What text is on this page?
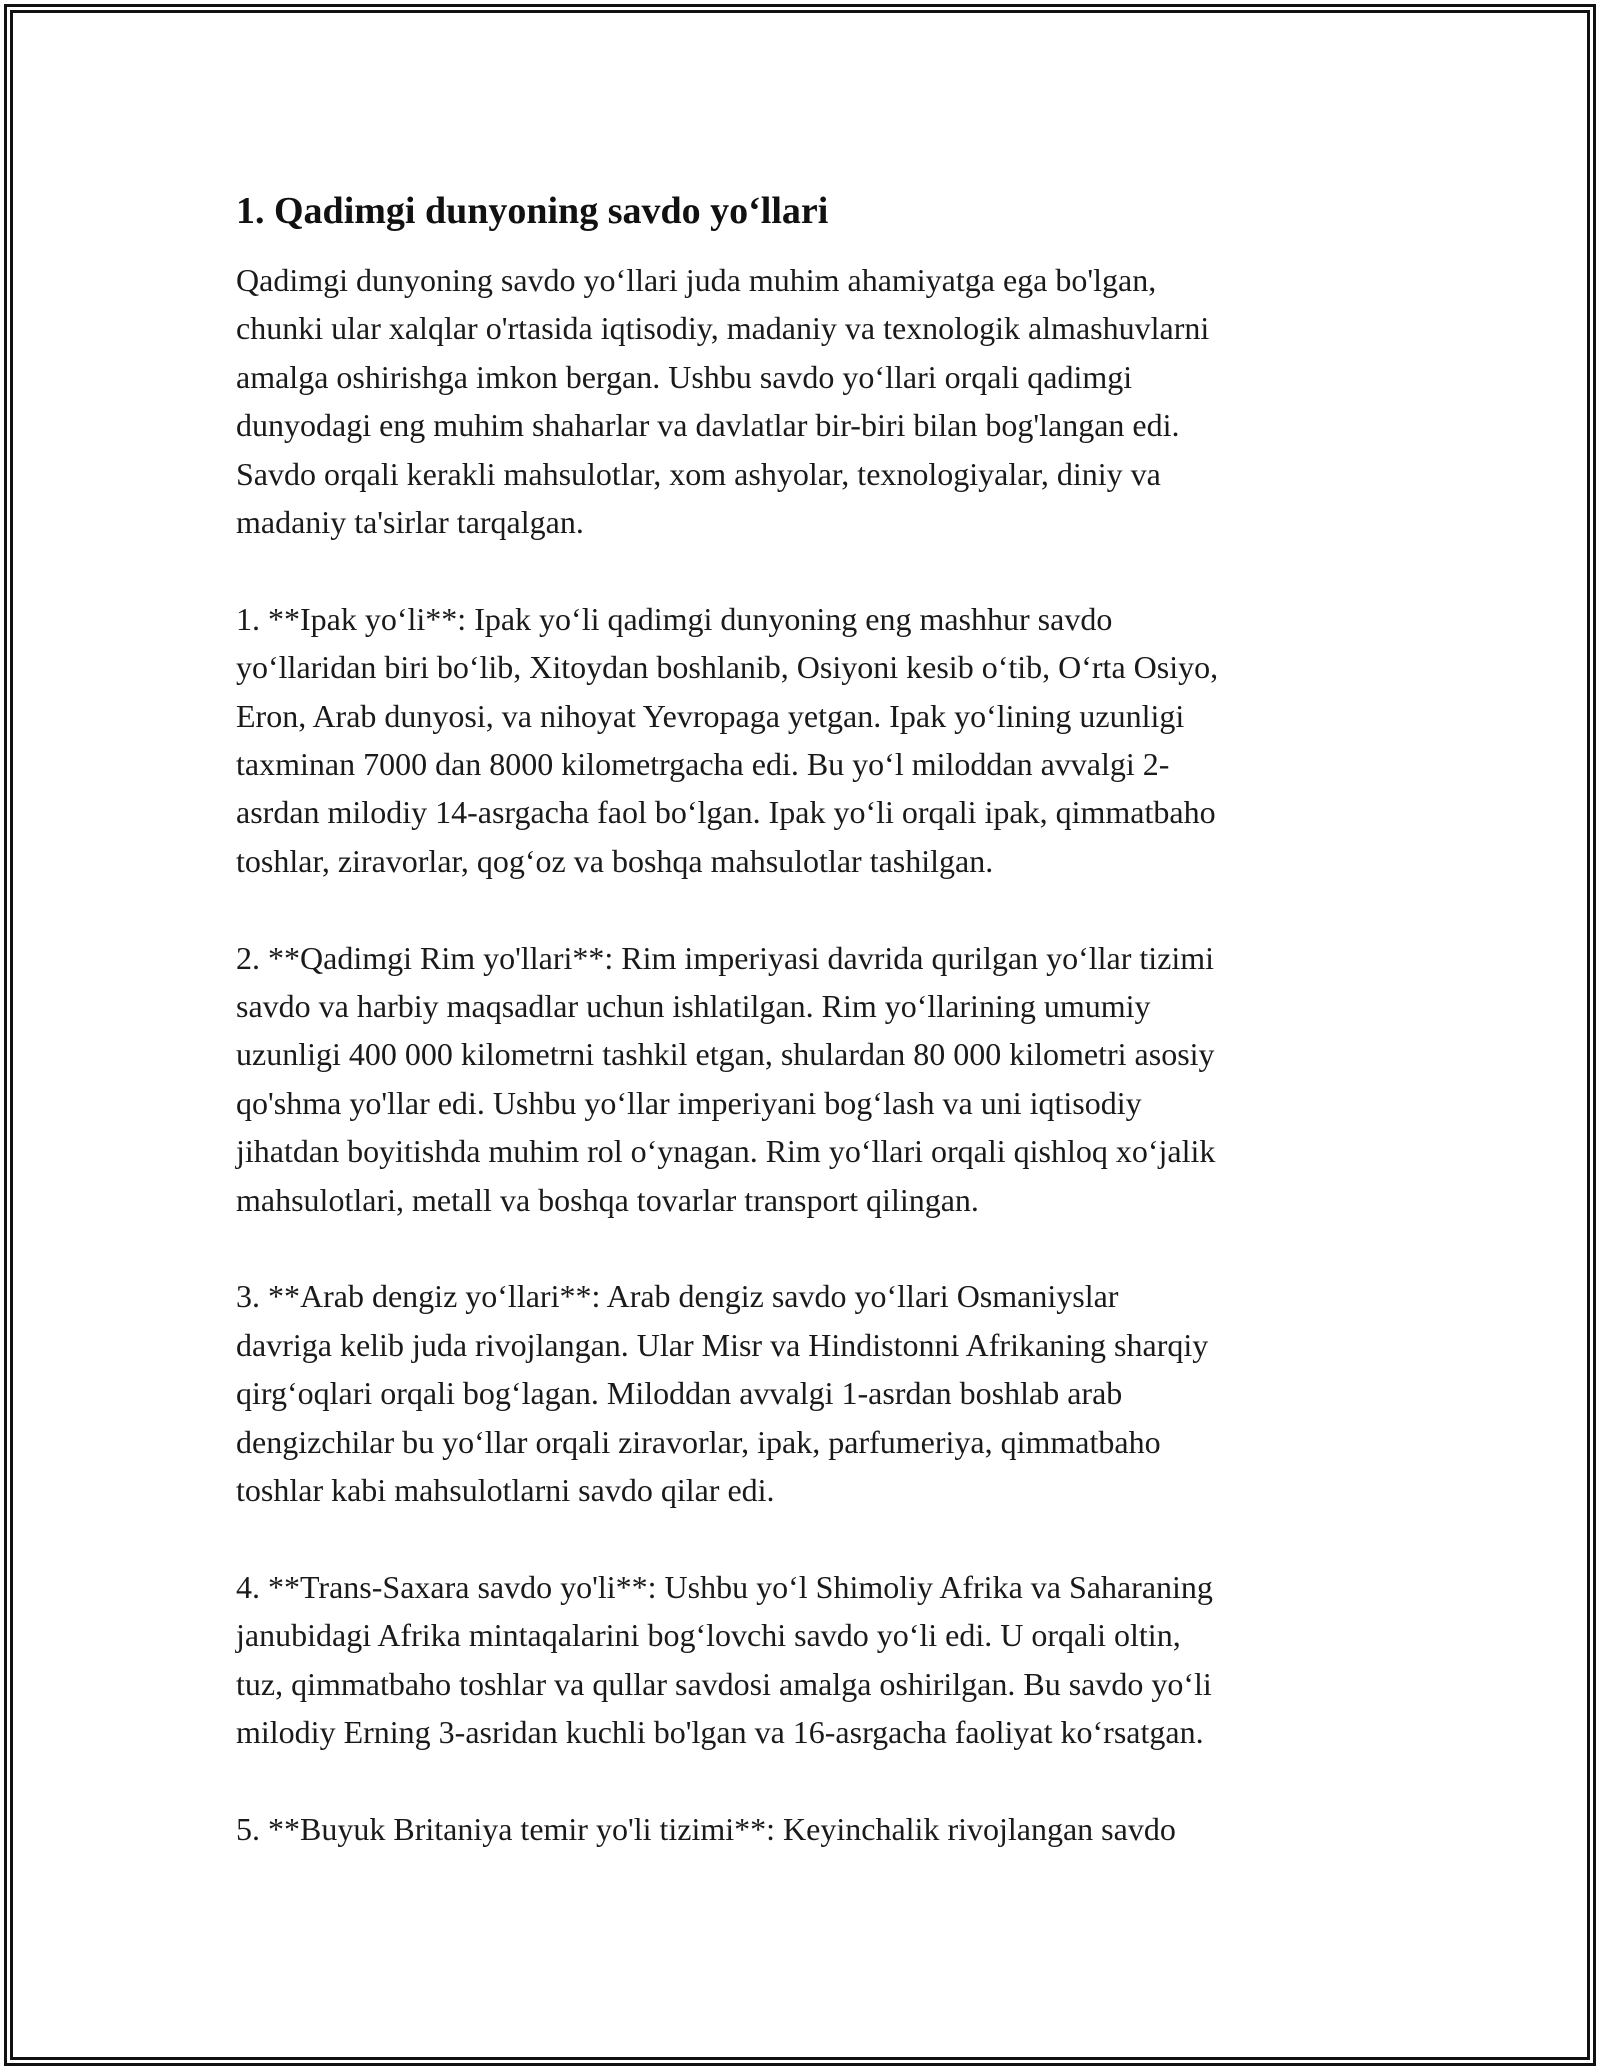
1. Qadimgi dunyoning savdo yo‘llari

Qadimgi dunyoning savdo yo‘llari juda muhim ahamiyatga ega bo'lgan,
chunki ular xalqlar o'rtasida iqtisodiy, madaniy va texnologik almashuvlarni
amalga oshirishga imkon bergan. Ushbu savdo yo‘llari orqali qadimgi
dunyodagi eng muhim shaharlar va davlatlar bir-biri bilan bog'langan edi.
Savdo orqali kerakli mahsulotlar, xom ashyolar, texnologiyalar, diniy va
madaniy ta'sirlar tarqalgan.

1. **Ipak yo‘li**: Ipak yo‘li qadimgi dunyoning eng mashhur savdo
yo‘llaridan biri bo‘lib, Xitoydan boshlanib, Osiyoni kesib o‘tib, O‘rta Osiyo,
Eron, Arab dunyosi, va nihoyat Yevropaga yetgan. Ipak yo‘lining uzunligi
taxminan 7000 dan 8000 kilometrgacha edi. Bu yo‘l miloddan avvalgi 2-
asrdan milodiy 14-asrgacha faol bo‘lgan. Ipak yo‘li orqali ipak, qimmatbaho
toshlar, ziravorlar, qog‘oz va boshqa mahsulotlar tashilgan.

2. **Qadimgi Rim yo'llari**: Rim imperiyasi davrida qurilgan yo‘llar tizimi
savdo va harbiy maqsadlar uchun ishlatilgan. Rim yo‘llarining umumiy
uzunligi 400 000 kilometrni tashkil etgan, shulardan 80 000 kilometri asosiy
qo'shma yo'llar edi. Ushbu yo‘llar imperiyani bog‘lash va uni iqtisodiy
jihatdan boyitishda muhim rol o‘ynagan. Rim yo‘llari orqali qishloq xo‘jalik
mahsulotlari, metall va boshqa tovarlar transport qilingan.

3. **Arab dengiz yo‘llari**: Arab dengiz savdo yo‘llari Osmaniyslar
davriga kelib juda rivojlangan. Ular Misr va Hindistonni Afrikaning sharqiy
qirg‘oqlari orqali bog‘lagan. Miloddan avvalgi 1-asrdan boshlab arab
dengizchilar bu yo‘llar orqali ziravorlar, ipak, parfumeriya, qimmatbaho
toshlar kabi mahsulotlarni savdo qilar edi.

4. **Trans-Saxara savdo yo'li**: Ushbu yo‘l Shimoliy Afrika va Saharaning
janubidagi Afrika mintaqalarini bog‘lovchi savdo yo‘li edi. U orqali oltin,
tuz, qimmatbaho toshlar va qullar savdosi amalga oshirilgan. Bu savdo yo‘li
milodiy Erning 3-asridan kuchli bo'lgan va 16-asrgacha faoliyat ko‘rsatgan.

5. **Buyuk Britaniya temir yo'li tizimi**: Keyinchalik rivojlangan savdo
